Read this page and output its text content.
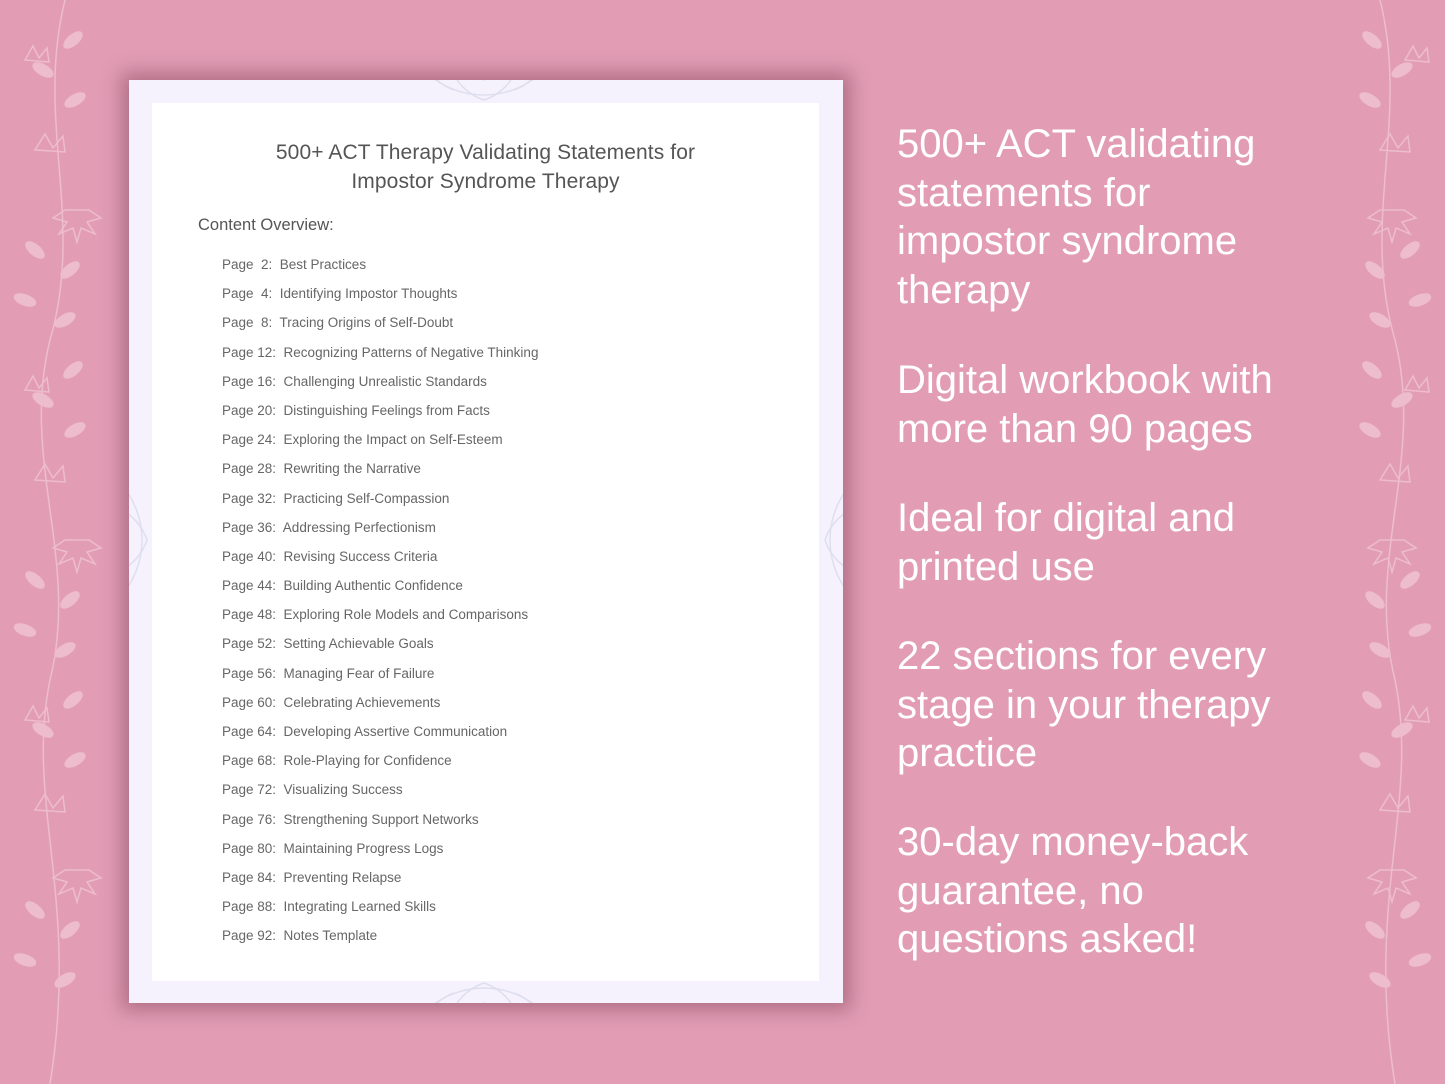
500+ ACT Therapy Validating Statements for
Impostor Syndrome Therapy
Content Overview:
Page  2:  Best Practices
Page  4:  Identifying Impostor Thoughts
Page  8:  Tracing Origins of Self-Doubt
Page 12:  Recognizing Patterns of Negative Thinking
Page 16:  Challenging Unrealistic Standards
Page 20:  Distinguishing Feelings from Facts
Page 24:  Exploring the Impact on Self-Esteem
Page 28:  Rewriting the Narrative
Page 32:  Practicing Self-Compassion
Page 36:  Addressing Perfectionism
Page 40:  Revising Success Criteria
Page 44:  Building Authentic Confidence
Page 48:  Exploring Role Models and Comparisons
Page 52:  Setting Achievable Goals
Page 56:  Managing Fear of Failure
Page 60:  Celebrating Achievements
Page 64:  Developing Assertive Communication
Page 68:  Role-Playing for Confidence
Page 72:  Visualizing Success
Page 76:  Strengthening Support Networks
Page 80:  Maintaining Progress Logs
Page 84:  Preventing Relapse
Page 88:  Integrating Learned Skills
Page 92:  Notes Template
500+ ACT validating
statements for
impostor syndrome
therapy
Digital workbook with
more than 90 pages
Ideal for digital and
printed use
22 sections for every
stage in your therapy
practice
30-day money-back
guarantee, no
questions asked!
